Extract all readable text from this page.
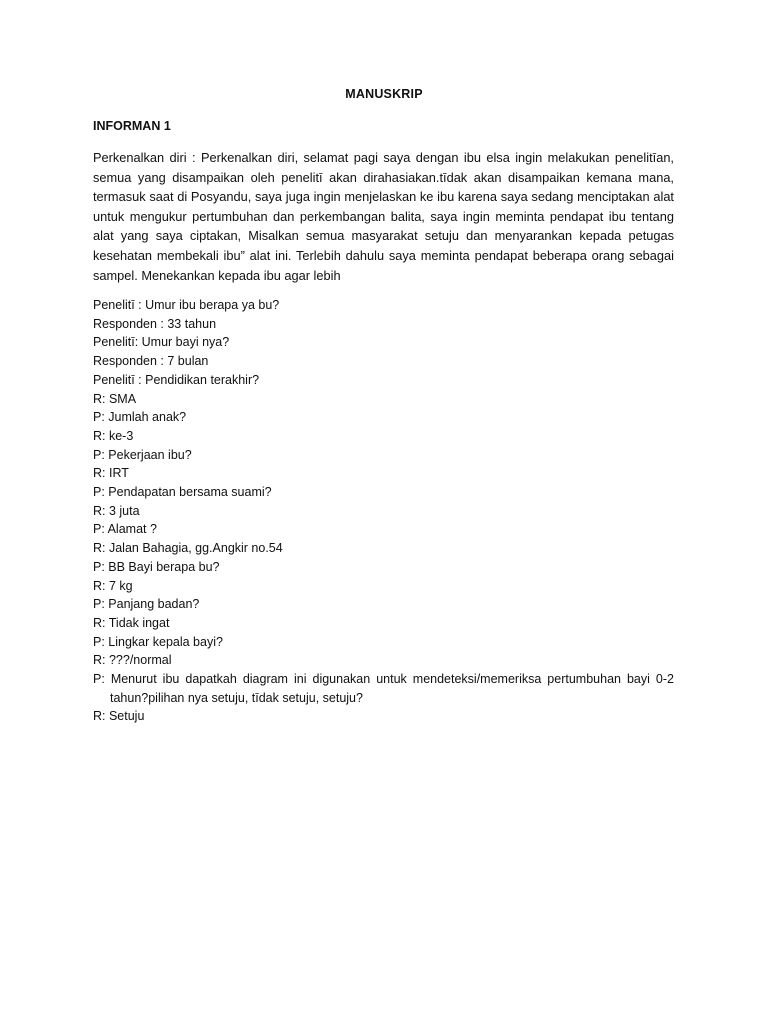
MANUSKRIP
INFORMAN 1
Perkenalkan diri : Perkenalkan diri, selamat pagi saya dengan ibu elsa ingin melakukan penelitīan, semua yang disampaikan oleh penelitī akan dirahasiakan.tīdak akan disampaikan kemana mana, termasuk saat di Posyandu, saya juga ingin menjelaskan ke ibu karena saya sedang menciptakan alat untuk mengukur pertumbuhan dan perkembangan balita, saya ingin meminta pendapat ibu tentang alat yang saya ciptakan, Misalkan semua masyarakat setuju dan menyarankan kepada petugas kesehatan membekali ibu” alat ini. Terlebih dahulu saya meminta pendapat beberapa orang sebagai sampel. Menekankan kepada ibu agar lebih
Penelitī : Umur ibu berapa ya bu?
Responden : 33 tahun
Penelitī: Umur bayi nya?
Responden : 7 bulan
Penelitī : Pendidikan terakhir?
R: SMA
P: Jumlah anak?
R: ke-3
P: Pekerjaan ibu?
R: IRT
P: Pendapatan bersama suami?
R: 3 juta
P: Alamat ?
R: Jalan Bahagia, gg.Angkir no.54
P: BB Bayi berapa bu?
R: 7 kg
P: Panjang badan?
R: Tidak ingat
P: Lingkar kepala bayi?
R: ???/normal
P: Menurut ibu dapatkah diagram ini digunakan untuk mendeteksi/memeriksa pertumbuhan bayi 0-2 tahun?pilihan nya setuju, tīdak setuju, setuju?
R: Setuju
